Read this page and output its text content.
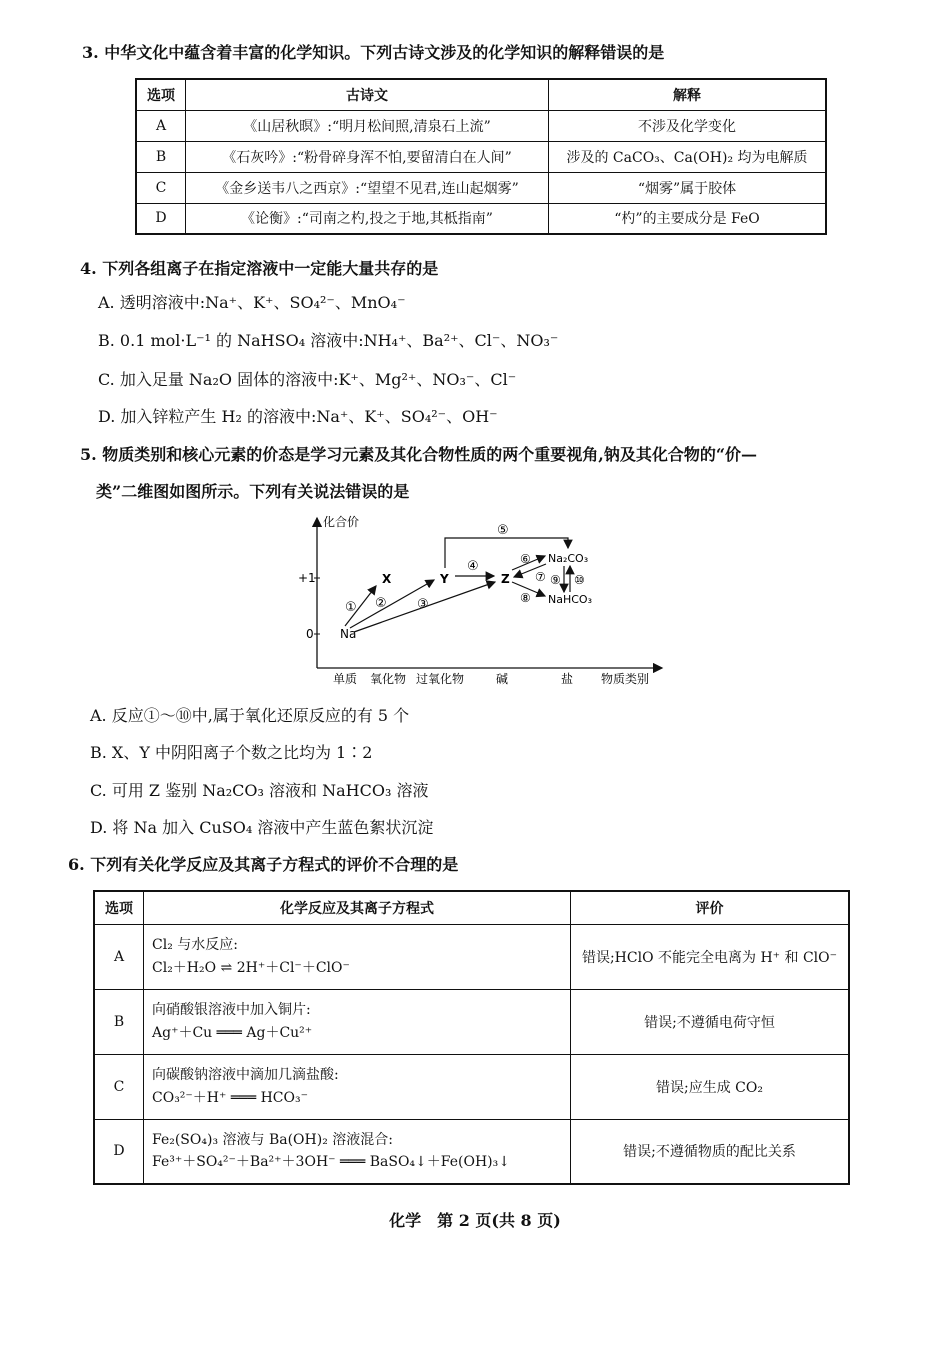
3. 中华文化中蕴含着丰富的化学知识。下列古诗文涉及的化学知识的解释错误的是
选项	古诗文	解释
A	《山居秋暝》:“明月松间照,清泉石上流”	不涉及化学变化
B	《石灰吟》:“粉骨碎身浑不怕,要留清白在人间”	涉及的 CaCO₃、Ca(OH)₂ 均为电解质
C	《金乡送韦八之西京》:“望望不见君,连山起烟雾”	“烟雾”属于胶体
D	《论衡》:“司南之杓,投之于地,其柢指南”	“杓”的主要成分是 FeO
4. 下列各组离子在指定溶液中一定能大量共存的是
A. 透明溶液中:Na⁺、K⁺、SO₄²⁻、MnO₄⁻
B. 0.1 mol·L⁻¹ 的 NaHSO₄ 溶液中:NH₄⁺、Ba²⁺、Cl⁻、NO₃⁻
C. 加入足量 Na₂O 固体的溶液中:K⁺、Mg²⁺、NO₃⁻、Cl⁻
D. 加入锌粒产生 H₂ 的溶液中:Na⁺、K⁺、SO₄²⁻、OH⁻
5. 物质类别和核心元素的价态是学习元素及其化合物性质的两个重要视角,钠及其化合物的“价—
类”二维图如图所示。下列有关说法错误的是
化合价
+1
0
单质 氧化物 过氧化物	碱	盐 物质类别
Na
X	Y	Z
Na₂CO₃
NaHCO₃
① ② ③
④
⑤
⑥
⑦
⑧
⑨ ⑩
A. 反应①～⑩中,属于氧化还原反应的有 5 个
B. X、Y 中阴阳离子个数之比均为 1∶2
C. 可用 Z 鉴别 Na₂CO₃ 溶液和 NaHCO₃ 溶液
D. 将 Na 加入 CuSO₄ 溶液中产生蓝色絮状沉淀
6. 下列有关化学反应及其离子方程式的评价不合理的是
选项	化学反应及其离子方程式	评价
A	Cl₂ 与水反应:
Cl₂＋H₂O ⇌ 2H⁺＋Cl⁻＋ClO⁻	错误;HClO 不能完全电离为 H⁺ 和 ClO⁻
B	向硝酸银溶液中加入铜片:
Ag⁺＋Cu ═══ Ag＋Cu²⁺	错误;不遵循电荷守恒
C	向碳酸钠溶液中滴加几滴盐酸:
CO₃²⁻＋H⁺ ═══ HCO₃⁻	错误;应生成 CO₂
D	Fe₂(SO₄)₃ 溶液与 Ba(OH)₂ 溶液混合:
Fe³⁺＋SO₄²⁻＋Ba²⁺＋3OH⁻ ═══ BaSO₄↓＋Fe(OH)₃↓	错误;不遵循物质的配比关系
化学　第 2 页(共 8 页)
